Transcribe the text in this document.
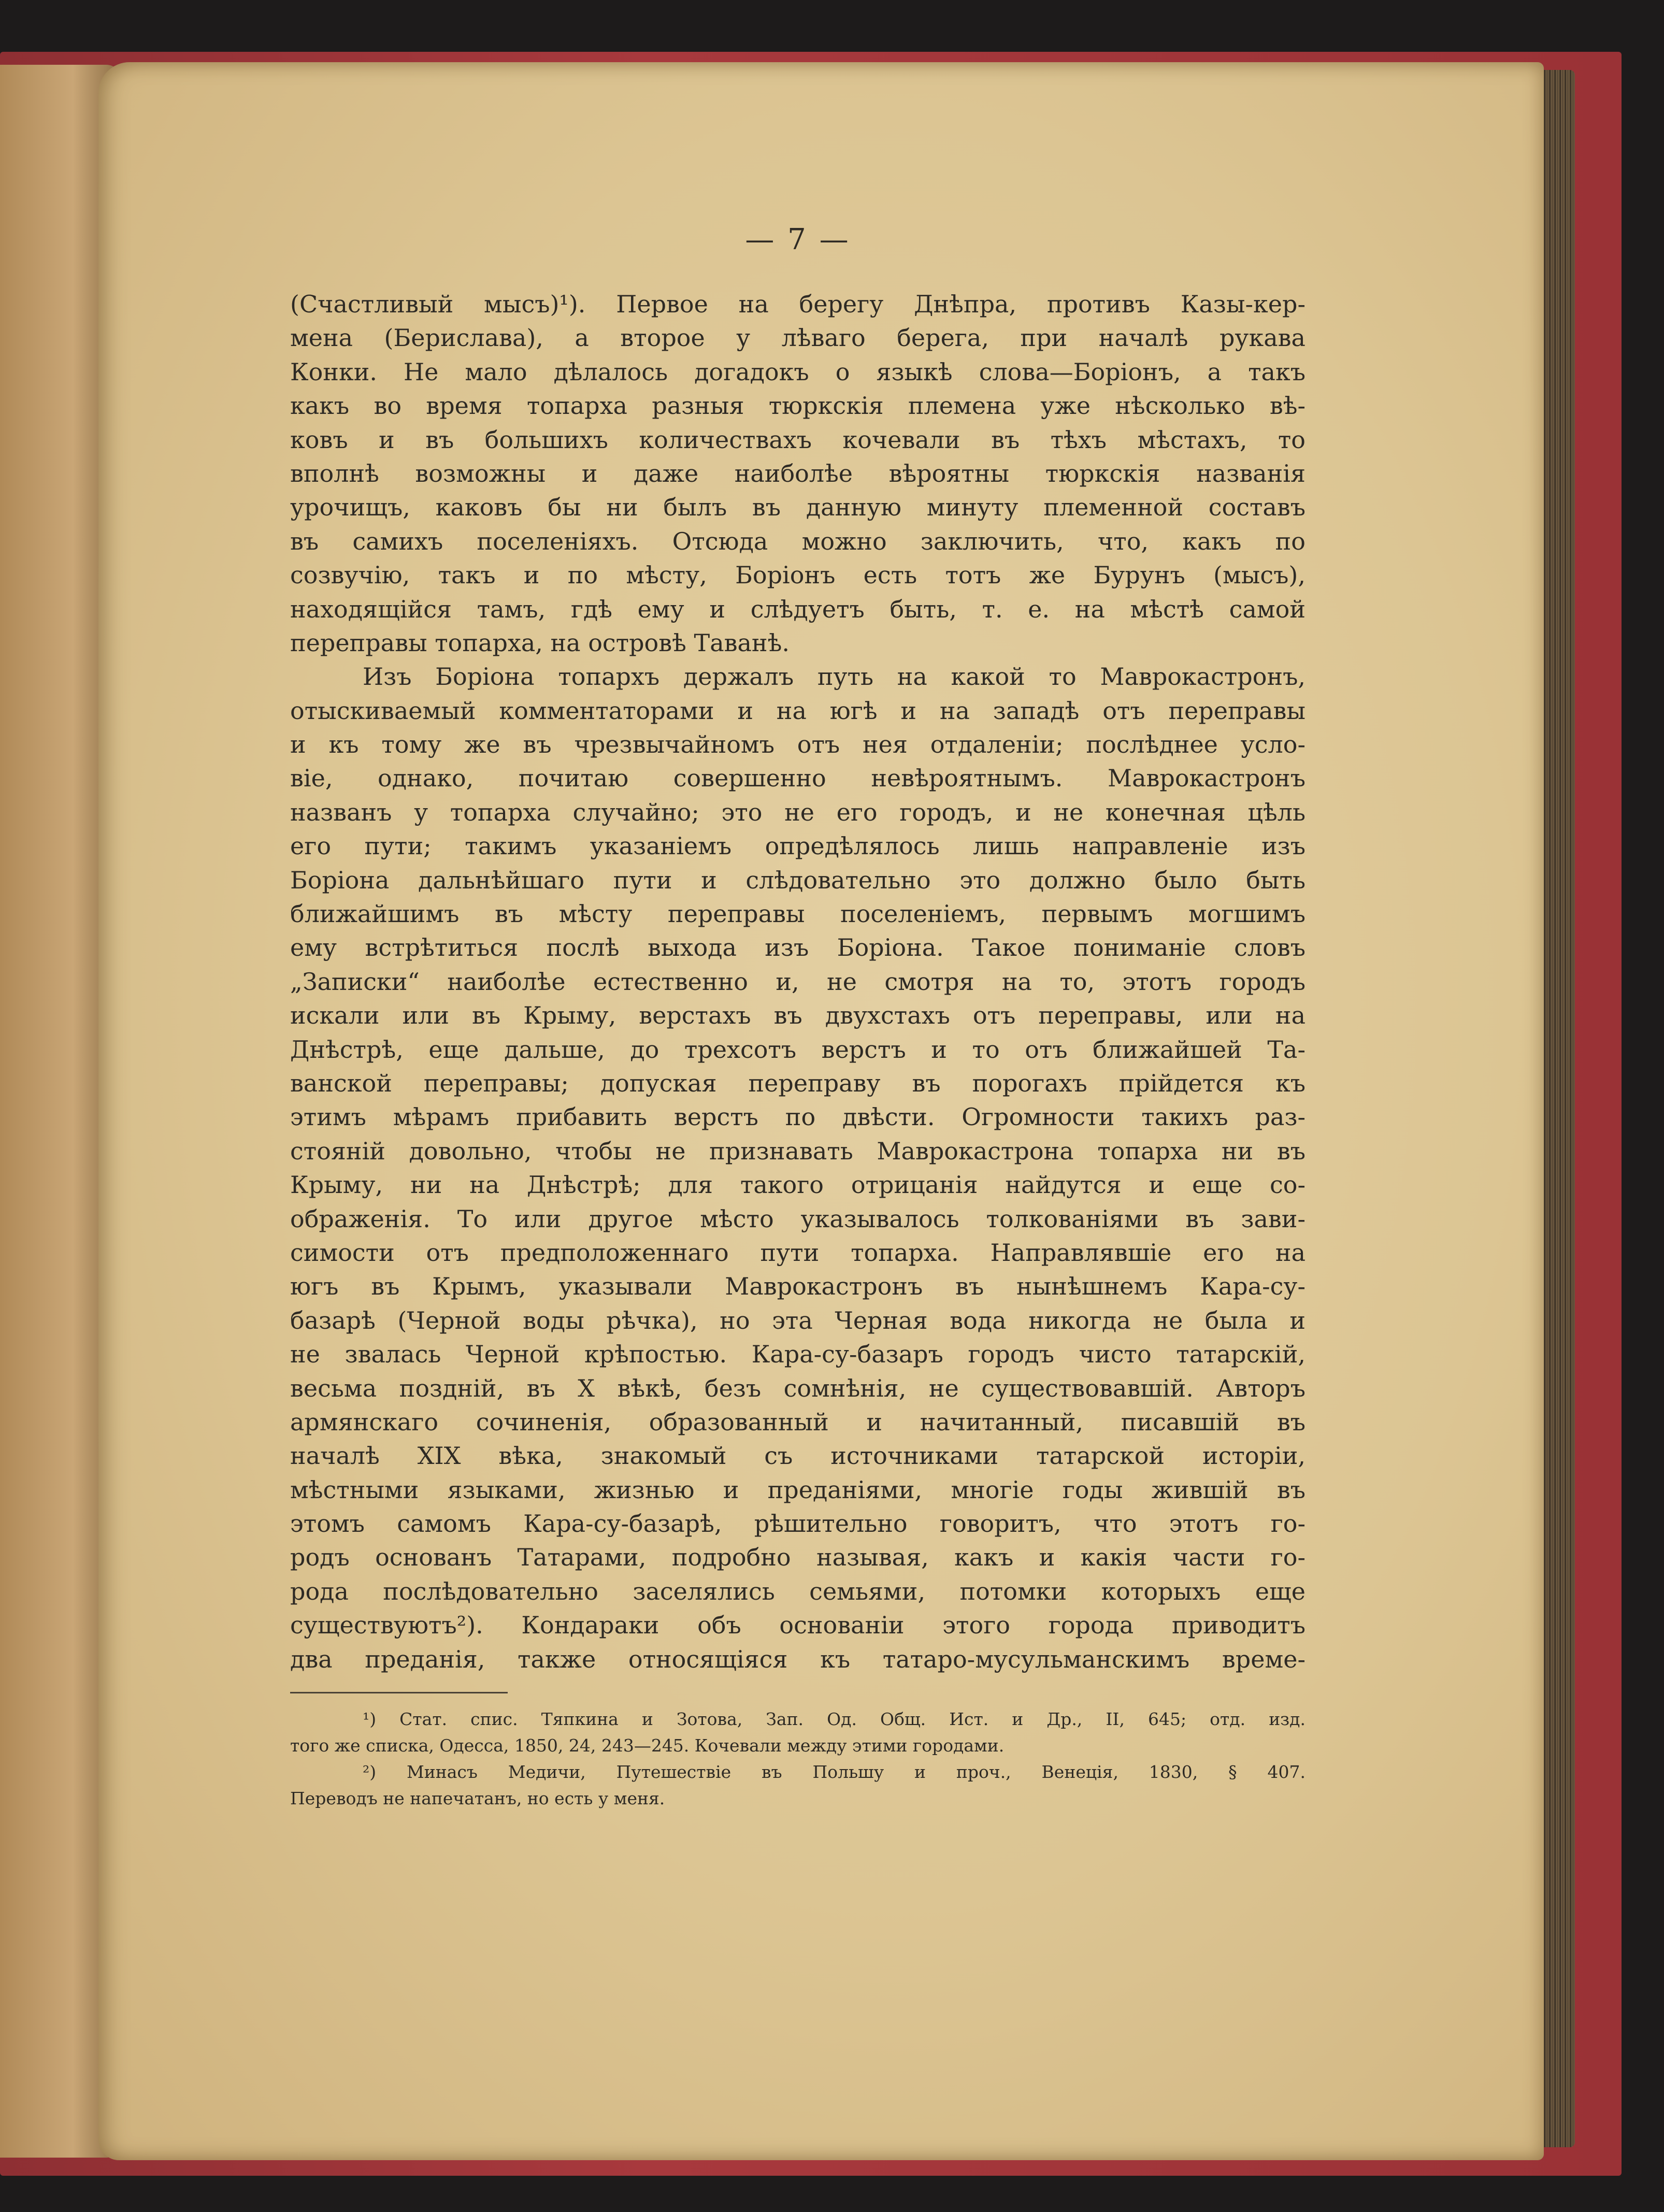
— 7 —
(Счастливый мысъ)¹). Первое на берегу Днѣпра, противъ Казы-кер-
мена (Берислава), а второе у лѣваго берега, при началѣ рукава
Конки. Не мало дѣлалось догадокъ о языкѣ слова—Боріонъ, а такъ
какъ во время топарха разныя тюркскія племена уже нѣсколько вѣ-
ковъ и въ большихъ количествахъ кочевали въ тѣхъ мѣстахъ, то
вполнѣ возможны и даже наиболѣе вѣроятны тюркскія названія
урочищъ, каковъ бы ни былъ въ данную минуту племенной составъ
въ самихъ поселеніяхъ. Отсюда можно заключить, что, какъ по
созвучію, такъ и по мѣсту, Боріонъ есть тотъ же Бурунъ (мысъ),
находящійся тамъ, гдѣ ему и слѣдуетъ быть, т. е. на мѣстѣ самой
переправы топарха, на островѣ Таванѣ.
Изъ Боріона топархъ держалъ путь на какой то Маврокастронъ,
отыскиваемый комментаторами и на югѣ и на западѣ отъ переправы
и къ тому же въ чрезвычайномъ отъ нея отдаленіи; послѣднее усло-
віе, однако, почитаю совершенно невѣроятнымъ. Маврокастронъ
названъ у топарха случайно; это не его городъ, и не конечная цѣль
его пути; такимъ указаніемъ опредѣлялось лишь направленіе изъ
Боріона дальнѣйшаго пути и слѣдовательно это должно было быть
ближайшимъ въ мѣсту переправы поселеніемъ, первымъ могшимъ
ему встрѣтиться послѣ выхода изъ Боріона. Такое пониманіе словъ
„Записки“ наиболѣе естественно и, не смотря на то, этотъ городъ
искали или въ Крыму, верстахъ въ двухстахъ отъ переправы, или на
Днѣстрѣ, еще дальше, до трехсотъ верстъ и то отъ ближайшей Та-
ванской переправы; допуская переправу въ порогахъ прійдется къ
этимъ мѣрамъ прибавить верстъ по двѣсти. Огромности такихъ раз-
стояній довольно, чтобы не признавать Маврокастрона топарха ни въ
Крыму, ни на Днѣстрѣ; для такого отрицанія найдутся и еще со-
ображенія. То или другое мѣсто указывалось толкованіями въ зави-
симости отъ предположеннаго пути топарха. Направлявшіе его на
югъ въ Крымъ, указывали Маврокастронъ въ нынѣшнемъ Кара-су-
базарѣ (Черной воды рѣчка), но эта Черная вода никогда не была и
не звалась Черной крѣпостью. Кара-су-базаръ городъ чисто татарскій,
весьма поздній, въ X вѣкѣ, безъ сомнѣнія, не существовавшій. Авторъ
армянскаго сочиненія, образованный и начитанный, писавшій въ
началѣ XIX вѣка, знакомый съ источниками татарской исторіи,
мѣстными языками, жизнью и преданіями, многіе годы жившій въ
этомъ самомъ Кара-су-базарѣ, рѣшительно говоритъ, что этотъ го-
родъ основанъ Татарами, подробно называя, какъ и какія части го-
рода послѣдовательно заселялись семьями, потомки которыхъ еще
существуютъ²). Кондараки объ основаніи этого города приводитъ
два преданія, также относящіяся къ татаро-мусульманскимъ време-
¹) Стат. спис. Тяпкина и Зотова, Зап. Од. Общ. Ист. и Др., II, 645; отд. изд.
того же списка, Одесса, 1850, 24, 243—245. Кочевали между этими городами.
²) Минасъ Медичи, Путешествіе въ Польшу и проч., Венеція, 1830, § 407.
Переводъ не напечатанъ, но есть у меня.
